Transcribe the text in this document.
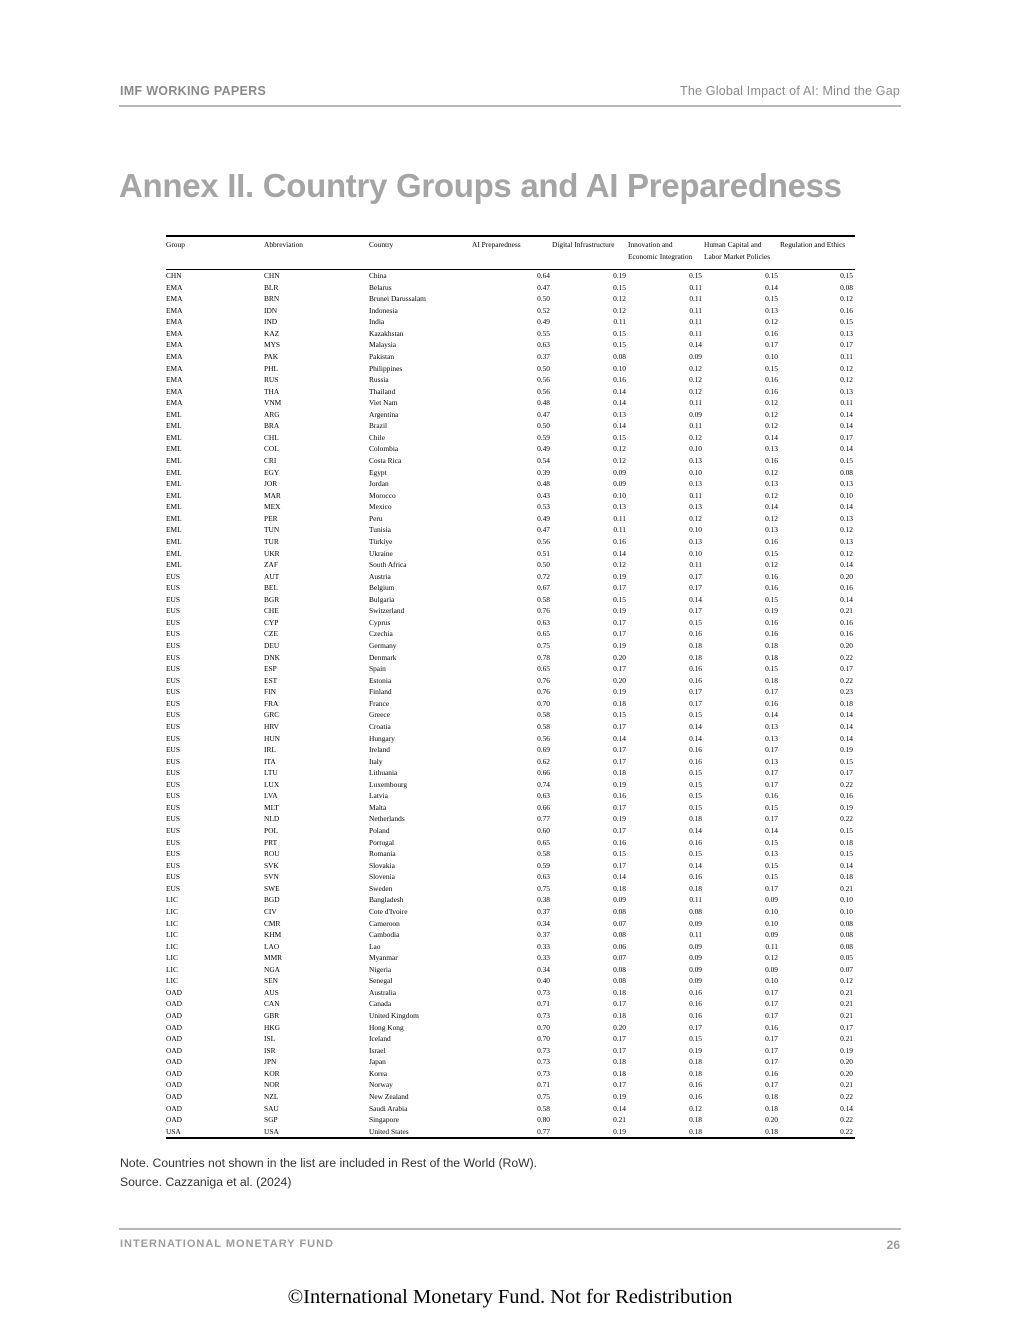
IMF WORKING PAPERS	The Global Impact of AI: Mind the Gap
Annex II. Country Groups and AI Preparedness
Group	Abbreviation	Country	AI Preparedness	Digital Infrastructure	Innovation and Economic Integration	Human Capital and Labor Market Policies	Regulation and Ethics
CHN	CHN	China	0.64	0.19	0.15	0.15	0.15
EMA	BLR	Belarus	0.47	0.15	0.11	0.14	0.08
EMA	BRN	Brunei Darussalam	0.50	0.12	0.11	0.15	0.12
EMA	IDN	Indonesia	0.52	0.12	0.11	0.13	0.16
EMA	IND	India	0.49	0.11	0.11	0.12	0.15
EMA	KAZ	Kazakhstan	0.55	0.15	0.11	0.16	0.13
EMA	MYS	Malaysia	0.63	0.15	0.14	0.17	0.17
EMA	PAK	Pakistan	0.37	0.08	0.09	0.10	0.11
EMA	PHL	Philippines	0.50	0.10	0.12	0.15	0.12
EMA	RUS	Russia	0.56	0.16	0.12	0.16	0.12
EMA	THA	Thailand	0.56	0.14	0.12	0.16	0.13
EMA	VNM	Viet Nam	0.48	0.14	0.11	0.12	0.11
EML	ARG	Argentina	0.47	0.13	0.09	0.12	0.14
EML	BRA	Brazil	0.50	0.14	0.11	0.12	0.14
EML	CHL	Chile	0.59	0.15	0.12	0.14	0.17
EML	COL	Colombia	0.49	0.12	0.10	0.13	0.14
EML	CRI	Costa Rica	0.54	0.12	0.13	0.16	0.15
EML	EGY	Egypt	0.39	0.09	0.10	0.12	0.08
EML	JOR	Jordan	0.48	0.09	0.13	0.13	0.13
EML	MAR	Morocco	0.43	0.10	0.11	0.12	0.10
EML	MEX	Mexico	0.53	0.13	0.13	0.14	0.14
EML	PER	Peru	0.49	0.11	0.12	0.12	0.13
EML	TUN	Tunisia	0.47	0.11	0.10	0.13	0.12
EML	TUR	Türkiye	0.56	0.16	0.13	0.16	0.13
EML	UKR	Ukraine	0.51	0.14	0.10	0.15	0.12
EML	ZAF	South Africa	0.50	0.12	0.11	0.12	0.14
EUS	AUT	Austria	0.72	0.19	0.17	0.16	0.20
EUS	BEL	Belgium	0.67	0.17	0.17	0.16	0.16
EUS	BGR	Bulgaria	0.58	0.15	0.14	0.15	0.14
EUS	CHE	Switzerland	0.76	0.19	0.17	0.19	0.21
EUS	CYP	Cyprus	0.63	0.17	0.15	0.16	0.16
EUS	CZE	Czechia	0.65	0.17	0.16	0.16	0.16
EUS	DEU	Germany	0.75	0.19	0.18	0.18	0.20
EUS	DNK	Denmark	0.78	0.20	0.18	0.18	0.22
EUS	ESP	Spain	0.65	0.17	0.16	0.15	0.17
EUS	EST	Estonia	0.76	0.20	0.16	0.18	0.22
EUS	FIN	Finland	0.76	0.19	0.17	0.17	0.23
EUS	FRA	France	0.70	0.18	0.17	0.16	0.18
EUS	GRC	Greece	0.58	0.15	0.15	0.14	0.14
EUS	HRV	Croatia	0.58	0.17	0.14	0.13	0.14
EUS	HUN	Hungary	0.56	0.14	0.14	0.13	0.14
EUS	IRL	Ireland	0.69	0.17	0.16	0.17	0.19
EUS	ITA	Italy	0.62	0.17	0.16	0.13	0.15
EUS	LTU	Lithuania	0.66	0.18	0.15	0.17	0.17
EUS	LUX	Luxembourg	0.74	0.19	0.15	0.17	0.22
EUS	LVA	Latvia	0.63	0.16	0.15	0.16	0.16
EUS	MLT	Malta	0.66	0.17	0.15	0.15	0.19
EUS	NLD	Netherlands	0.77	0.19	0.18	0.17	0.22
EUS	POL	Poland	0.60	0.17	0.14	0.14	0.15
EUS	PRT	Portugal	0.65	0.16	0.16	0.15	0.18
EUS	ROU	Romania	0.58	0.15	0.15	0.13	0.15
EUS	SVK	Slovakia	0.59	0.17	0.14	0.15	0.14
EUS	SVN	Slovenia	0.63	0.14	0.16	0.15	0.18
EUS	SWE	Sweden	0.75	0.18	0.18	0.17	0.21
LIC	BGD	Bangladesh	0.38	0.09	0.11	0.09	0.10
LIC	CIV	Cote d'Ivoire	0.37	0.08	0.08	0.10	0.10
LIC	CMR	Cameroon	0.34	0.07	0.09	0.10	0.08
LIC	KHM	Cambodia	0.37	0.08	0.11	0.09	0.08
LIC	LAO	Lao	0.33	0.06	0.09	0.11	0.08
LIC	MMR	Myanmar	0.33	0.07	0.09	0.12	0.05
LIC	NGA	Nigeria	0.34	0.08	0.09	0.09	0.07
LIC	SEN	Senegal	0.40	0.08	0.09	0.10	0.12
OAD	AUS	Australia	0.73	0.18	0.16	0.17	0.21
OAD	CAN	Canada	0.71	0.17	0.16	0.17	0.21
OAD	GBR	United Kingdom	0.73	0.18	0.16	0.17	0.21
OAD	HKG	Hong Kong	0.70	0.20	0.17	0.16	0.17
OAD	ISL	Iceland	0.70	0.17	0.15	0.17	0.21
OAD	ISR	Israel	0.73	0.17	0.19	0.17	0.19
OAD	JPN	Japan	0.73	0.18	0.18	0.17	0.20
OAD	KOR	Korea	0.73	0.18	0.18	0.16	0.20
OAD	NOR	Norway	0.71	0.17	0.16	0.17	0.21
OAD	NZL	New Zealand	0.75	0.19	0.16	0.18	0.22
OAD	SAU	Saudi Arabia	0.58	0.14	0.12	0.18	0.14
OAD	SGP	Singapore	0.80	0.21	0.18	0.20	0.22
USA	USA	United States	0.77	0.19	0.18	0.18	0.22
Note. Countries not shown in the list are included in Rest of the World (RoW).
Source. Cazzaniga et al. (2024)
INTERNATIONAL MONETARY FUND	26
©International Monetary Fund. Not for Redistribution
